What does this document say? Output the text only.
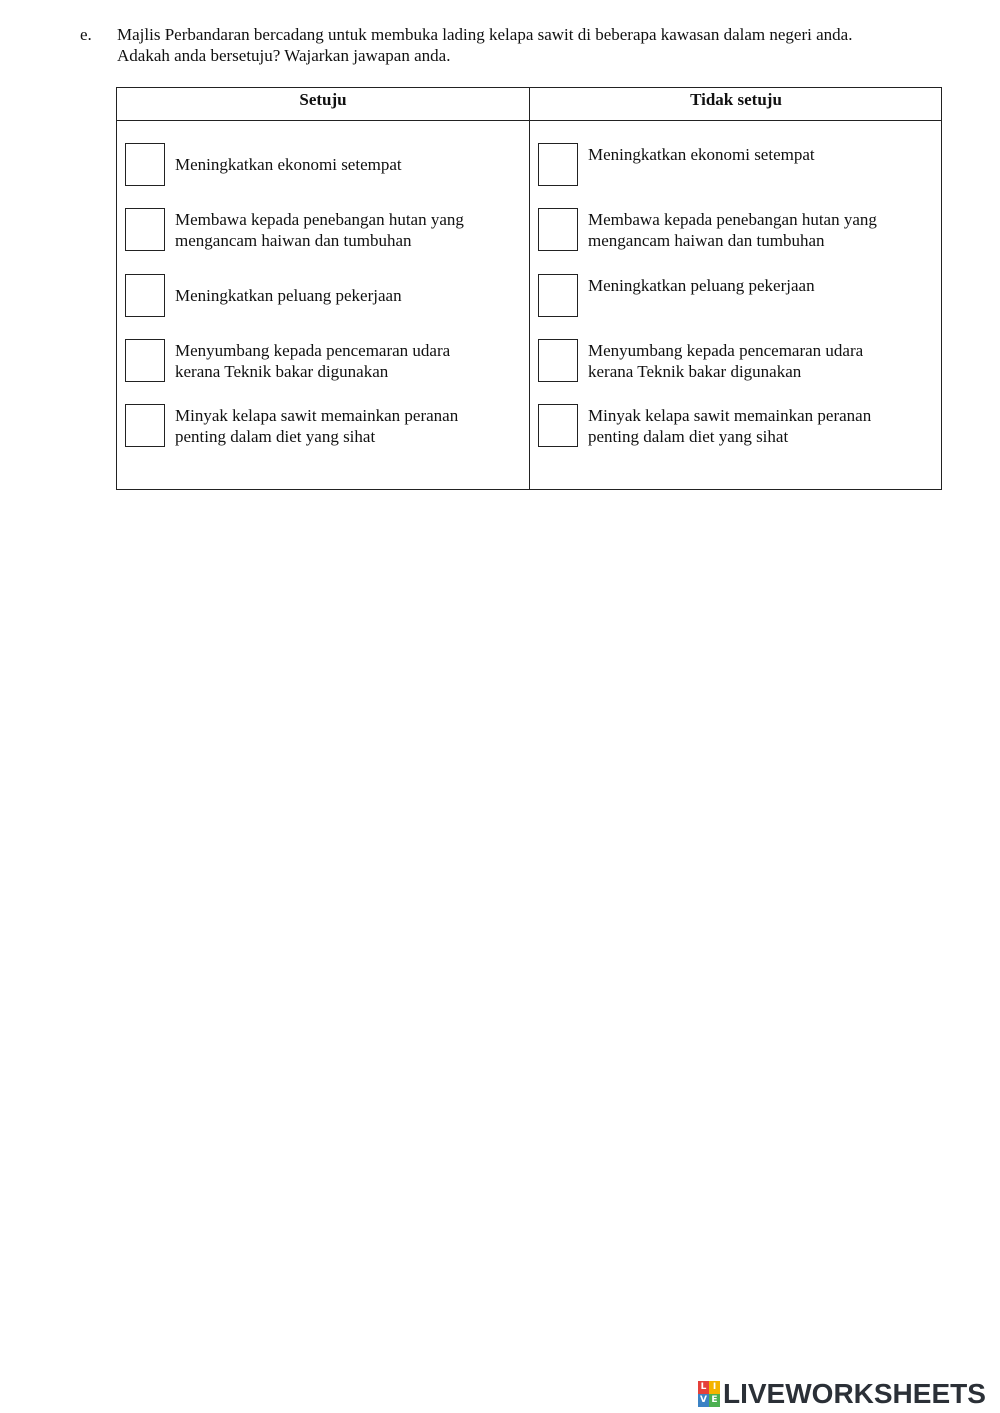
e. Majlis Perbandaran bercadang untuk membuka lading kelapa sawit di beberapa kawasan dalam negeri anda.
Adakah anda bersetuju? Wajarkan jawapan anda.
Setuju	Tidak setuju
Meningkatkan ekonomi setempat
Membawa kepada penebangan hutan yang
mengancam haiwan dan tumbuhan
Meningkatkan peluang pekerjaan
Menyumbang kepada pencemaran udara
kerana Teknik bakar digunakan
Minyak kelapa sawit memainkan peranan
penting dalam diet yang sihat
Meningkatkan ekonomi setempat
Membawa kepada penebangan hutan yang
mengancam haiwan dan tumbuhan
Meningkatkan peluang pekerjaan
Menyumbang kepada pencemaran udara
kerana Teknik bakar digunakan
Minyak kelapa sawit memainkan peranan
penting dalam diet yang sihat
L I
V E LIVEWORKSHEETS
